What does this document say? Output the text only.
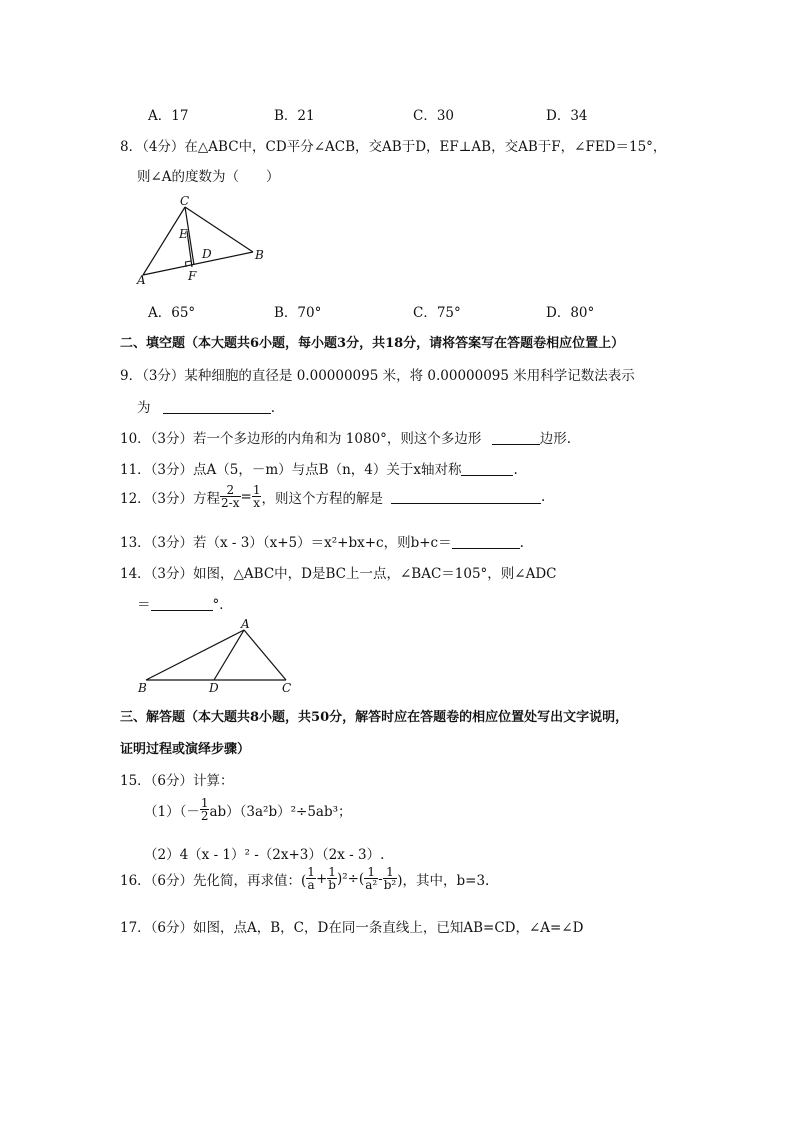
A．17	B．21	C．30	D．34
8．（4分）在△ABC中，CD平分∠ACB，交AB于D，EF⊥AB，交AB于F，∠FED＝15°，
则∠A的度数为（　　）
C
E
D	B
A	F
A．65°	B．70°	C．75°	D．80°
二、填空题（本大题共6小题，每小题3分，共18分，请将答案写在答题卷相应位置上）
9．（3分）某种细胞的直径是 0.00000095 米，将 0.00000095 米用科学记数法表示
为	.
10．（3分）若一个多边形的内角和为 1080°，则这个多边形	边形.
11．（3分）点A（5，－m）与点B（n，4）关于x轴对称	.
12．（3分）方程 $\frac{2}{2-x} = \frac{1}{x}$ ，则这个方程的解是	.
13．（3分）若（x - 3）（x+5）＝x²+bx+c，则b+c＝	.
14．（3分）如图，△ABC中，D是BC上一点，∠BAC＝105°，则∠ADC
＝	°．
A
B	D	C
三、解答题（本大题共8小题，共50分，解答时应在答题卷的相应位置处写出文字说明，
证明过程或演绎步骤）
15．（6分）计算：
$(1)(- \frac{1}{2} ab)(3a^2b)^2\div 5ab^3$；
（2）4（x - 1）² -（2x+3）（2x - 3）.
16．（6分）先化简，再求值：( $\frac{1}{a} + \frac{1}{b} )^2\div( \frac{1}{\text{a²}} - \frac{1}{\text{b²}}$ )，其中，b=3.
17．（6分）如图，点A，B，C，D在同一条直线上，已知AB=CD，∠A=∠D
